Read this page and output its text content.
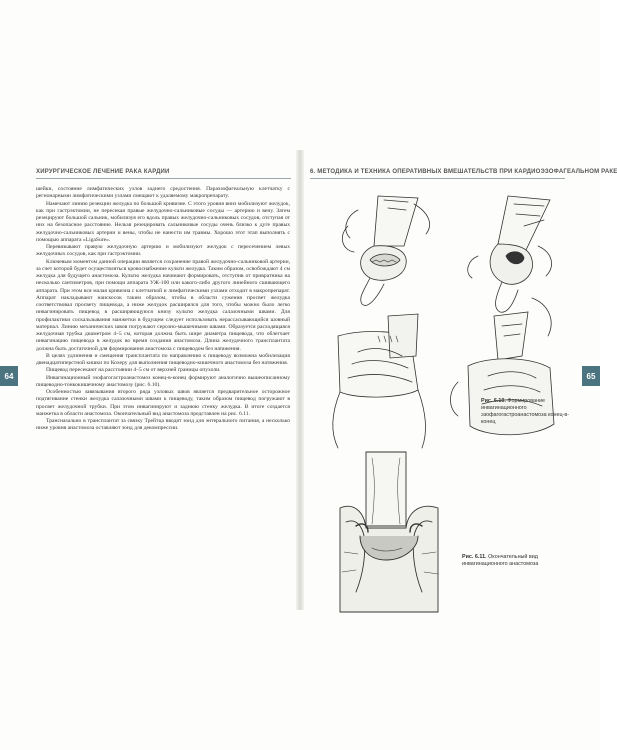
ХИРУРГИЧЕСКОЕ ЛЕЧЕНИЕ РАКА КАРДИИ
64

шейки, состояние лимфатических узлов заднего средостения. Параэзофагеальную клетчатку с регионарными лимфатическими узлами смещают к удаляемому макропрепарату.

Намечают линию резекции желудка по большой кривизне. С этого уровня вниз мобилизуют желудок, как при гастрэктомии, не пересекая правые желудочно-сальниковые сосуды — артерию и вену. Затем резецируют большой сальник, мобилизуя его вдоль правых желудочно-сальниковых сосудов, отступая от них на безопасное расстояние. Нельзя резецировать сальниковые сосуды очень близко к дуге правых желудочно-сальниковых артерии и вены, чтобы не нанести им травмы. Хорошо этот этап выполнять с помощью аппарата «LigaSure».

Перевязывают правую желудочную артерию и мобилизуют желудок с пересечением левых желудочных сосудов, как при гастрэктомии.

Ключевым моментом данной операции является сохранение правой желудочно-сальниковой артерии, за счет которой будет осуществляться кровоснабжение культи желудка. Таким образом, освобождают 4 см желудка для будущего анастомоза. Культю желудка начинают формировать, отступив от привратника на несколько сантиметров, при помощи аппарата УЖ-100 или какого-либо другого линейного сшивающего аппарата. При этом вся малая кривизна с клетчаткой и лимфатическими узлами отходит в макропрепарат. Аппарат накладывают наискосок таким образом, чтобы в области сужения просвет желудка соответствовал просвету пищевода, а ниже желудок расширялся для того, чтобы можно было легко инвагинировать пищевод в расширяющуюся книзу культю желудка салазочными швами. Для профилактики соскальзывания манжетки в будущем следует использовать нерассасывающийся шовный материал. Линию механических швов погружают серозно-мышечными швами. Образуется расходящаяся желудочная трубка диаметром 4–5 см, которая должна быть шире диаметра пищевода, что облегчает инвагинацию пищевода в желудок во время создания анастомоза. Длина желудочного трансплантата должна быть достаточной для формирования анастомоза с пищеводом без натяжения.

В целях удлинения и смещения трансплантата по направлению к пищеводу возможна мобилизация двенадцатиперстной кишки по Кохеру для выполнения пищеводно-кишечного анастомоза без натяжения.

Пищевод пересекают на расстоянии 4–5 см от верхней границы опухоли.

Инвагинационный эзофагогастроанастомоз конец-в-конец формируют аналогично вышеописанному пищеводно-тонкокишечному анастомозу (рис. 6.10).

Особенностью завязывания второго ряда узловых швов является предварительное осторожное подтягивание стенки желудка салазочными швами к пищеводу, таким образом пищевод погружают в просвет желудочной трубки. При этом инвагинируют и заднюю стенку желудка. В итоге создается манжетка в области анастомоза. Окончательный вид анастомоза представлен на рис. 6.11.

Трансназально в трансплантат за связку Трейтца вводят зонд для энтерального питания, а несколько ниже уровня анастомоза оставляют зонд для декомпрессии.

6. МЕТОДИКА И ТЕХНИКА ОПЕРАТИВНЫХ ВМЕШАТЕЛЬСТВ ПРИ КАРДИОЭЗОФАГЕАЛЬНОМ РАКЕ
65
Рис. 6.10. Формирование инвагинационного эзофагогастроанастомоза конец-в-конец
Рис. 6.11. Окончательный вид инвагинационного анастомоза
